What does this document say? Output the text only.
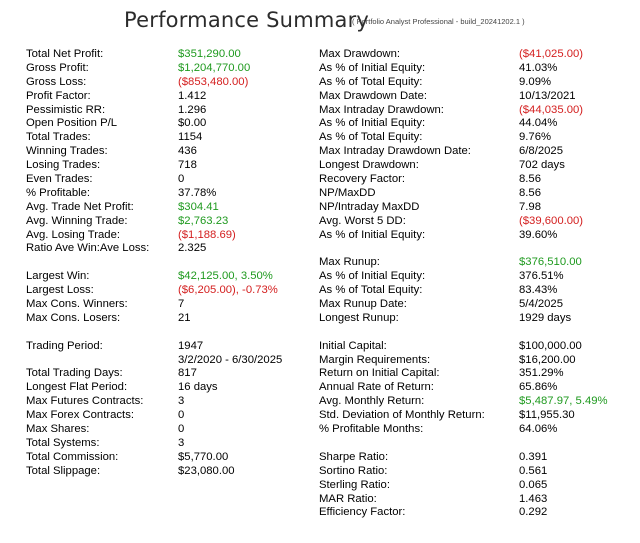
Performance Summary
( Portfolio Analyst Professional - build_20241202.1 )
Total Net Profit:	$351,290.00
Gross Profit:	$1,204,770.00
Gross Loss:	($853,480.00)
Profit Factor:	1.412
Pessimistic RR:	1.296
Open Position P/L	$0.00
Total Trades:	1154
Winning Trades:	436
Losing Trades:	718
Even Trades:	0
% Profitable:	37.78%
Avg. Trade Net Profit:	$304.41
Avg. Winning Trade:	$2,763.23
Avg. Losing Trade:	($1,188.69)
Ratio Ave Win:Ave Loss:	2.325
Largest Win:	$42,125.00, 3.50%
Largest Loss:	($6,205.00), -0.73%
Max Cons. Winners:	7
Max Cons. Losers:	21
Trading Period:	1947
3/2/2020 - 6/30/2025
Total Trading Days:	817
Longest Flat Period:	16 days
Max Futures Contracts:	3
Max Forex Contracts:	0
Max Shares:	0
Total Systems:	3
Total Commission:	$5,770.00
Total Slippage:	$23,080.00
Max Drawdown:	($41,025.00)
As % of Initial Equity:	41.03%
As % of Total Equity:	9.09%
Max Drawdown Date:	10/13/2021
Max Intraday Drawdown:	($44,035.00)
As % of Initial Equity:	44.04%
As % of Total Equity:	9.76%
Max Intraday Drawdown Date:	6/8/2025
Longest Drawdown:	702 days
Recovery Factor:	8.56
NP/MaxDD	8.56
NP/Intraday MaxDD	7.98
Avg. Worst 5 DD:	($39,600.00)
As % of Initial Equity:	39.60%
Max Runup:	$376,510.00
As % of Initial Equity:	376.51%
As % of Total Equity:	83.43%
Max Runup Date:	5/4/2025
Longest Runup:	1929 days
Initial Capital:	$100,000.00
Margin Requirements:	$16,200.00
Return on Initial Capital:	351.29%
Annual Rate of Return:	65.86%
Avg. Monthly Return:	$5,487.97, 5.49%
Std. Deviation of Monthly Return:	$11,955.30
% Profitable Months:	64.06%
Sharpe Ratio:	0.391
Sortino Ratio:	0.561
Sterling Ratio:	0.065
MAR Ratio:	1.463
Efficiency Factor:	0.292
